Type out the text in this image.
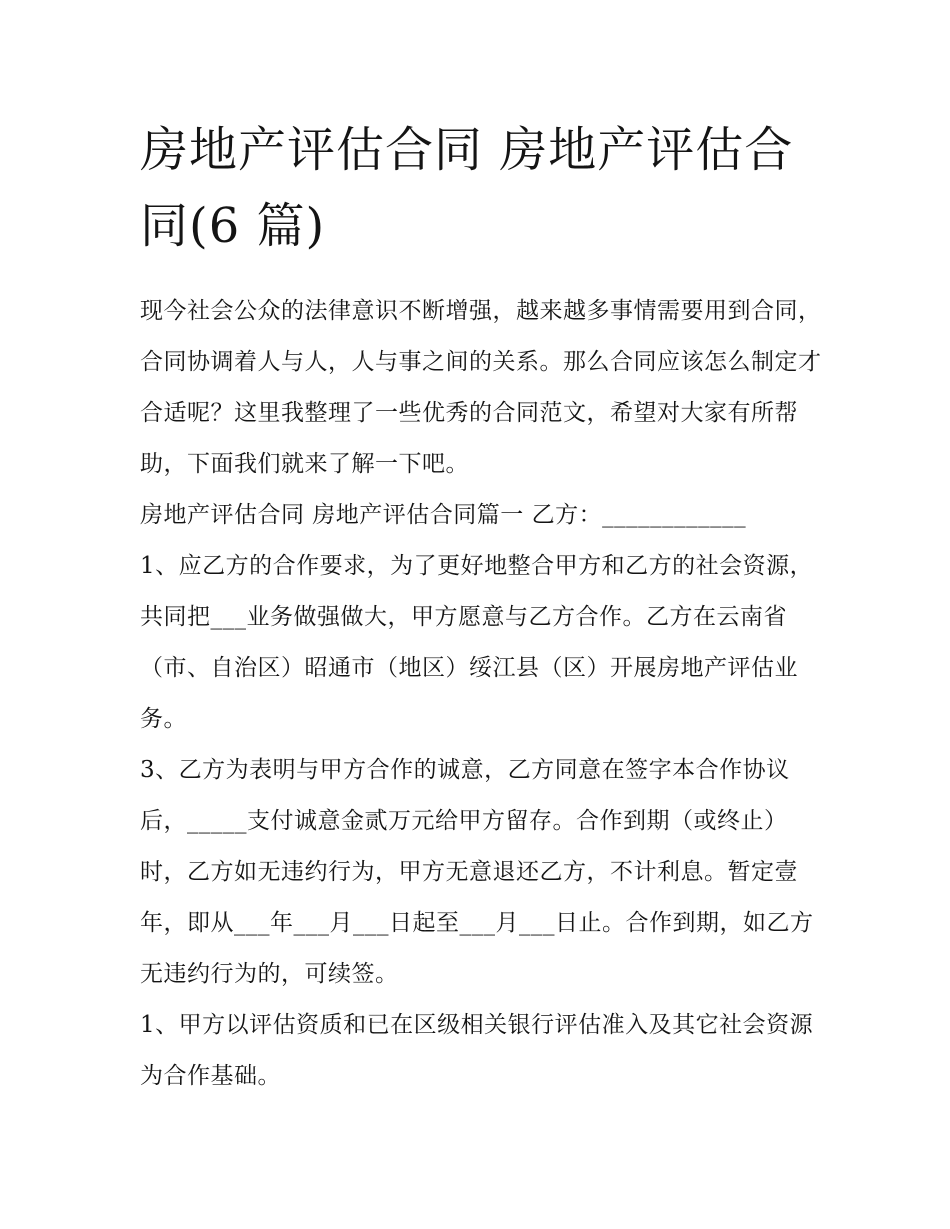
房地产评估合同 房地产评估合同(6 篇)

现今社会公众的法律意识不断增强，越来越多事情需要用到合同，合同协调着人与人，人与事之间的关系。那么合同应该怎么制定才合适呢？这里我整理了一些优秀的合同范文，希望对大家有所帮助，下面我们就来了解一下吧。

房地产评估合同 房地产评估合同篇一 乙方：____________

1、应乙方的合作要求，为了更好地整合甲方和乙方的社会资源，共同把___业务做强做大，甲方愿意与乙方合作。乙方在云南省（市、自治区）昭通市（地区）绥江县（区）开展房地产评估业务。

3、乙方为表明与甲方合作的诚意，乙方同意在签字本合作协议后，_____支付诚意金贰万元给甲方留存。合作到期（或终止）时，乙方如无违约行为，甲方无意退还乙方，不计利息。暂定壹年，即从___年___月___日起至___月___日止。合作到期，如乙方无违约行为的，可续签。

1、甲方以评估资质和已在区级相关银行评估准入及其它社会资源为合作基础。
